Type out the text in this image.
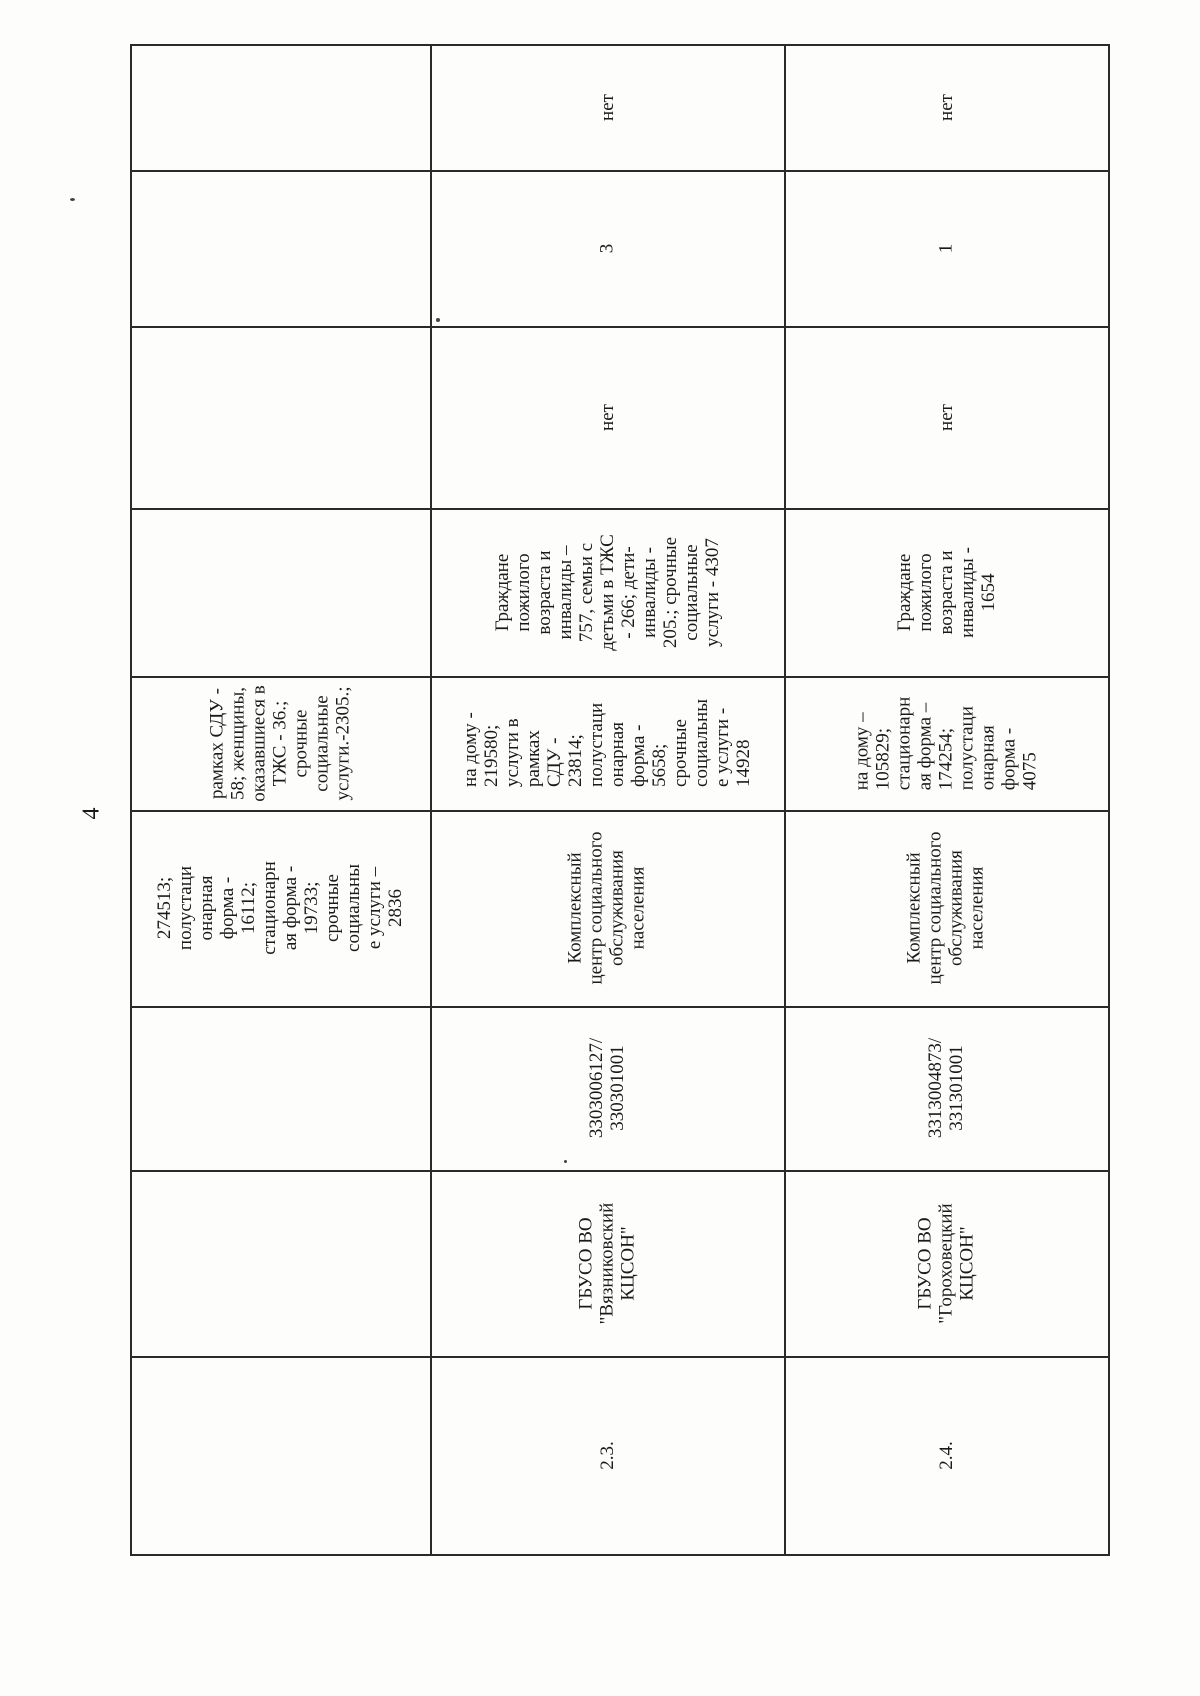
4
рамках СДУ -
58; женщины,
оказавшиеся в
ТЖС - 36.;
срочные
социальные
услуги.-2305.;
274513;
полустаци
онарная
форма -
16112;
стационарн
ая форма -
19733;
срочные
социальны
е услуги –
2836
нет
3
нет
Граждане
пожилого
возраста и
инвалиды –
757, семьи с
детьми в ТЖС
- 266; дети-
инвалиды -
205.; срочные
социальные
услуги - 4307
на дому -
219580;
услуги в
рамках
СДУ -
23814;
полустаци
онарная
форма -
5658;
срочные
социальны
е услуги -
14928
Комплексный
центр социального
обслуживания
населения
3303006127/
330301001
ГБУСО ВО
"Вязниковский
КЦСОН"
2.3.
нет
1
нет
Граждане
пожилого
возраста и
инвалиды -
1654
на дому –
105829;
стационарн
ая форма –
174254;
полустаци
онарная
форма -
4075
Комплексный
центр социального
обслуживания
населения
3313004873/
331301001
ГБУСО ВО
"Гороховецкий
КЦСОН"
2.4.
